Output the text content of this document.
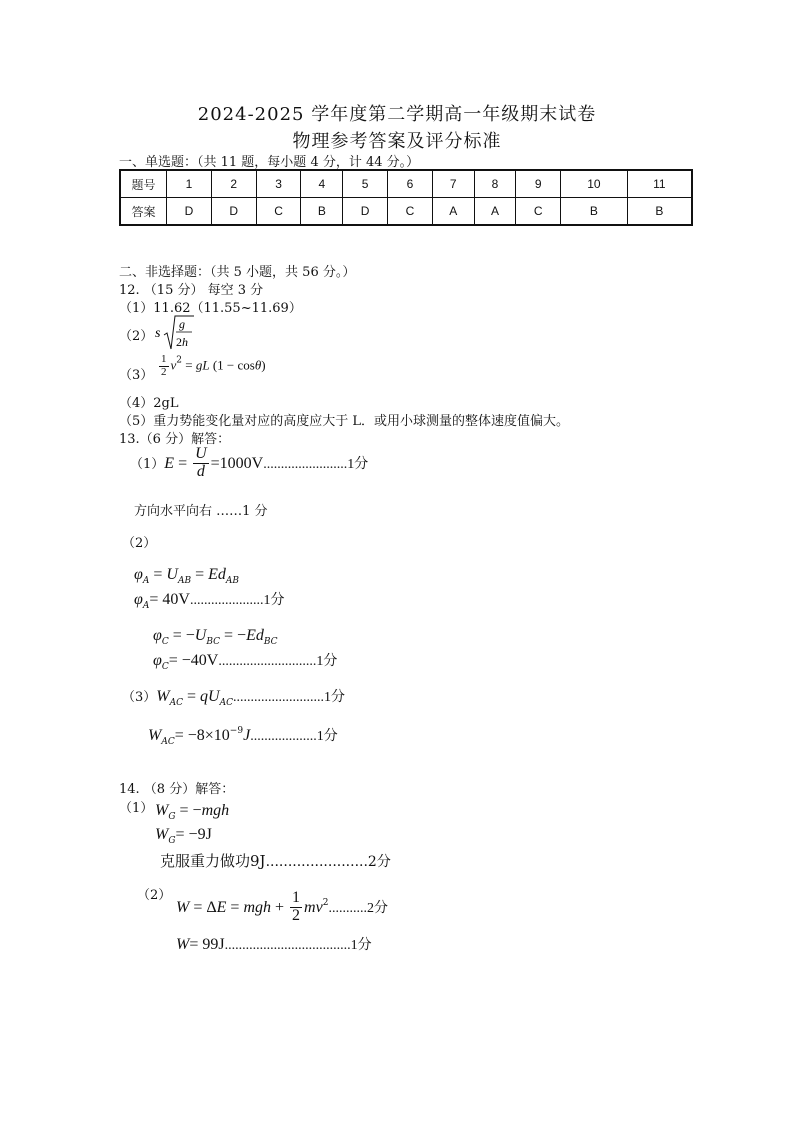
2024-2025 学年度第二学期高一年级期末试卷
物理参考答案及评分标准
一、单选题：（共 11 题，每小题 4 分，计 44 分。）
题号	1	2	3	4	5	6	7	8	9	10	11
答案	D	D	C	B	D	C	A	A	C	B	B
二、非选择题：（共 5 小题，共 56 分。）
12. （15 分） 每空 3 分
（1）11.62（11.55~11.69）
（2） s
g
2h
$(3) \frac{1}{2} v^2$ = gL (1 − cosθ)
（4）2gL
（5）重力势能变化量对应的高度应大于 L．或用小球测量的整体速度值偏大。
13.（6 分）解答：
$(1)E = \frac{U}{d} =1000V........................1$分
方向水平向右 ……1 分
（2）
$\varphi_A = U_{AB} = Ed_{AB}$
$\varphi_A= 40V.....................1$分
$\varphi_C = -U_{BC} = -Ed_{BC}$
$\varphi_C= -40V............................1$分
$(3)W_{AC} = qU_{AC}..........................1$分
$W_{AC}= -8\times 10^{-9}J...................1$分
14. （8 分）解答：
（1） $W_G = -mgh$
$W_G= -9J$
克服重力做功9J.......................2分
（2）
W = ΔE = mgh + $\frac{1}{2} mv^2...........2$分
W= 99J....................................1分
